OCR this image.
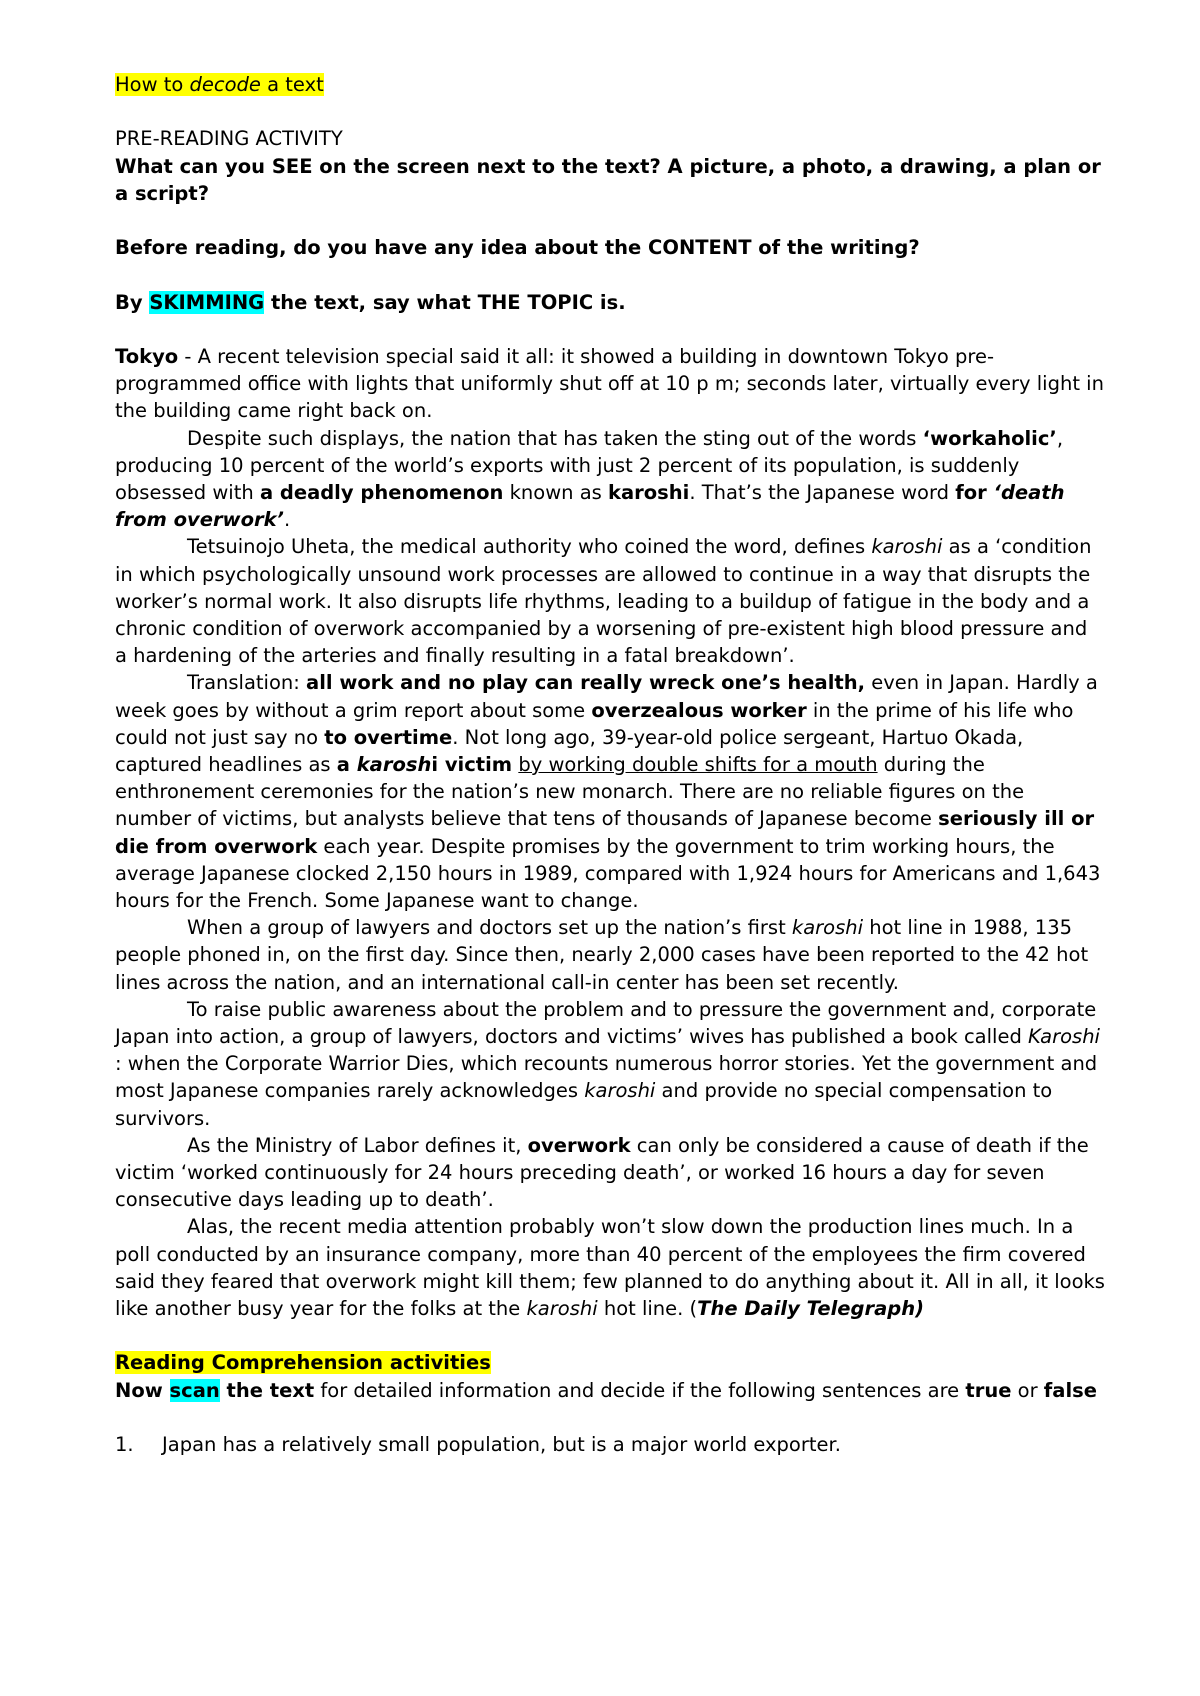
How to decode a text

PRE-READING ACTIVITY

What can you SEE on the screen next to the text? A picture, a photo, a drawing, a plan or a script?

Before reading, do you have any idea about the CONTENT of the writing?

By SKIMMING the text, say what THE TOPIC is.

Tokyo - A recent television special said it all: it showed a building in downtown Tokyo pre-programmed office with lights that uniformly shut off at 10 p m; seconds later, virtually every light in the building came right back on.

Despite such displays, the nation that has taken the sting out of the words ‘workaholic’, producing 10 percent of the world’s exports with just 2 percent of its population, is suddenly obsessed with a deadly phenomenon known as karoshi. That’s the Japanese word for ‘death from overwork’.

Tetsuinojo Uheta, the medical authority who coined the word, defines karoshi as a ‘condition in which psychologically unsound work processes are allowed to continue in a way that disrupts the worker’s normal work. It also disrupts life rhythms, leading to a buildup of fatigue in the body and a chronic condition of overwork accompanied by a worsening of pre-existent high blood pressure and a hardening of the arteries and finally resulting in a fatal breakdown’.

Translation: all work and no play can really wreck one’s health, even in Japan. Hardly a week goes by without a grim report about some overzealous worker in the prime of his life who could not just say no to overtime. Not long ago, 39-year-old police sergeant, Hartuo Okada, captured headlines as a karoshi victim by working double shifts for a mouth during the enthronement ceremonies for the nation’s new monarch. There are no reliable figures on the number of victims, but analysts believe that tens of thousands of Japanese become seriously ill or die from overwork each year. Despite promises by the government to trim working hours, the average Japanese clocked 2,150 hours in 1989, compared with 1,924 hours for Americans and 1,643 hours for the French. Some Japanese want to change.

When a group of lawyers and doctors set up the nation’s first karoshi hot line in 1988, 135 people phoned in, on the first day. Since then, nearly 2,000 cases have been reported to the 42 hot lines across the nation, and an international call-in center has been set recently.

To raise public awareness about the problem and to pressure the government and, corporate Japan into action, a group of lawyers, doctors and victims’ wives has published a book called Karoshi : when the Corporate Warrior Dies, which recounts numerous horror stories. Yet the government and most Japanese companies rarely acknowledges karoshi and provide no special compensation to survivors.

As the Ministry of Labor defines it, overwork can only be considered a cause of death if the victim ‘worked continuously for 24 hours preceding death’, or worked 16 hours a day for seven consecutive days leading up to death’.

Alas, the recent media attention probably won’t slow down the production lines much. In a poll conducted by an insurance company, more than 40 percent of the employees the firm covered said they feared that overwork might kill them; few planned to do anything about it. All in all, it looks like another busy year for the folks at the karoshi hot line. (The Daily Telegraph)

Reading Comprehension activities

Now scan the text for detailed information and decide if the following sentences are true or false

1.	Japan has a relatively small population, but is a major world exporter.
